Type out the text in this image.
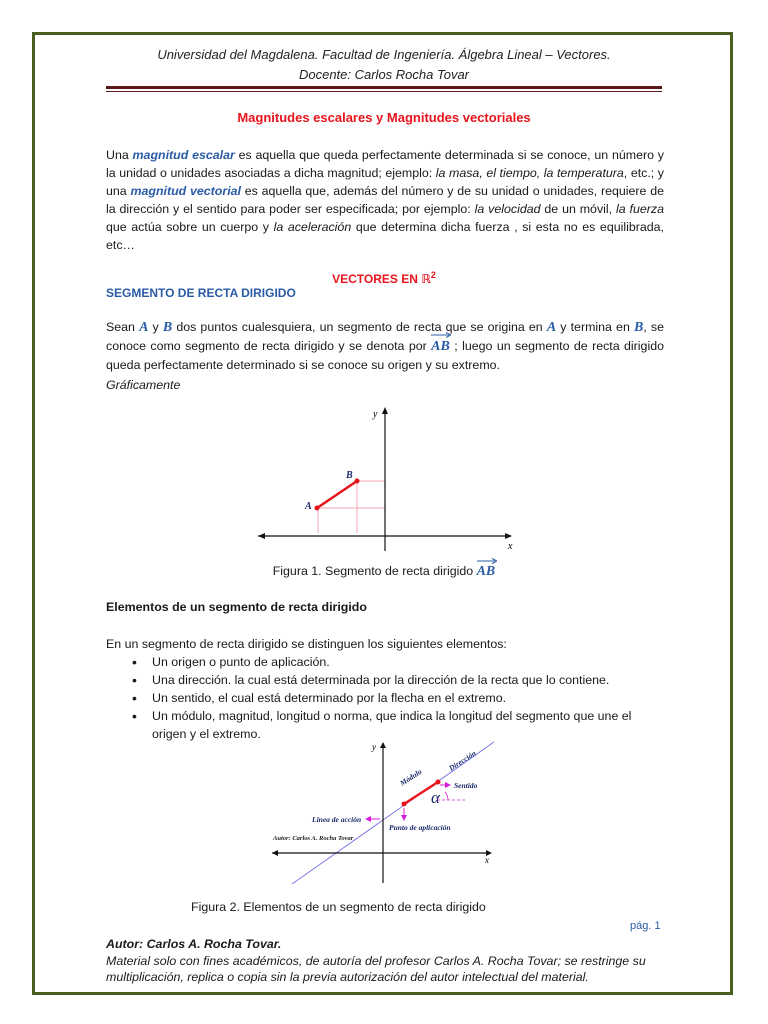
Universidad del Magdalena. Facultad de Ingeniería. Álgebra Lineal – Vectores.
Docente: Carlos Rocha Tovar
Magnitudes escalares y Magnitudes vectoriales

Una magnitud escalar es aquella que queda perfectamente determinada si se conoce, un número y la unidad o unidades asociadas a dicha magnitud; ejemplo: la masa, el tiempo, la temperatura, etc.; y una magnitud vectorial es aquella que, además del número y de su unidad o unidades, requiere de la dirección y el sentido para poder ser especificada; por ejemplo: la velocidad de un móvil, la fuerza que actúa sobre un cuerpo y la aceleración que determina dicha fuerza , si esta no es equilibrada, etc…

VECTORES EN ℝ$^2$
SEGMENTO DE RECTA DIRIGIDO

Sean A y B dos puntos cualesquiera, un segmento de recta que se origina en A y termina en B, se conoce como segmento de recta dirigido y se denota por
AB ; luego un segmento de recta dirigido queda perfectamente determinado si se conoce su origen y su extremo.

Gráficamente
y
x
A
B
Figura 1. Segmento de recta dirigido
AB
Elementos de un segmento de recta dirigido

En un segmento de recta dirigido se distinguen los siguientes elementos:

• Un origen o punto de aplicación.
• Una dirección. la cual está determinada por la dirección de la recta que lo contiene.
• Un sentido, el cual está determinado por la flecha en el extremo.
• Un módulo, magnitud, longitud o norma, que indica la longitud del segmento que une el origen y el extremo.
y
x
α
Sentido
Punto de aplicación
Linea de acción
Módulo
Dirección
Autor: Carlos A. Rocha Tovar
Figura 2. Elementos de un segmento de recta dirigido
pág. 1
Autor: Carlos A. Rocha Tovar.
Material solo con fines académicos, de autoría del profesor Carlos A. Rocha Tovar; se restringe su multiplicación, replica o copia sin la previa autorización del autor intelectual del material.
